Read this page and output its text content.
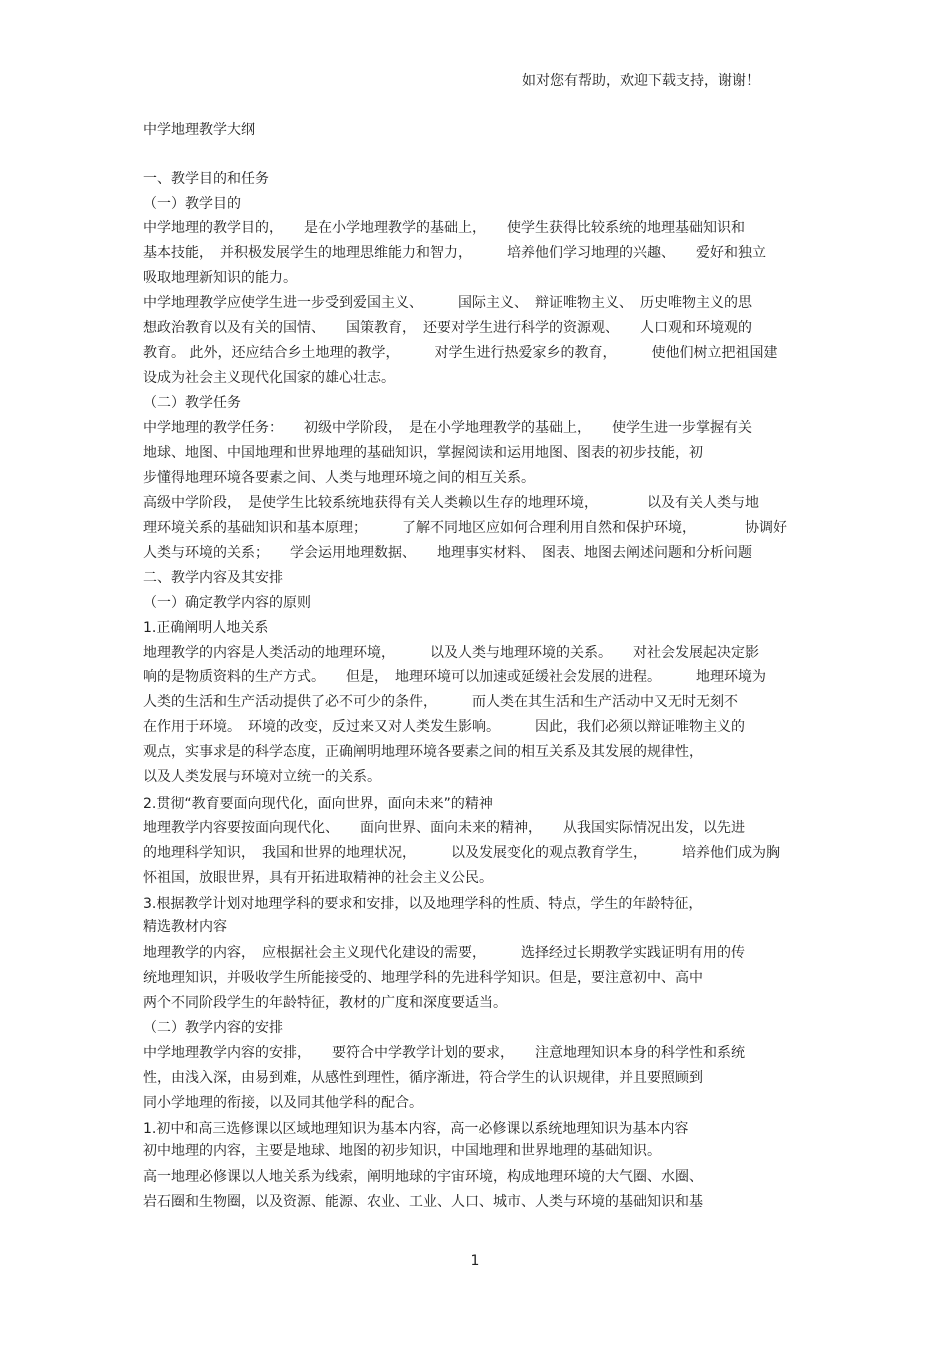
如对您有帮助，欢迎下载支持，谢谢！
中学地理教学大纲
一、教学目的和任务
（一）教学目的
中学地理的教学目的，　　是在小学地理教学的基础上，　　使学生获得比较系统的地理基础知识和
基本技能，　并积极发展学生的地理思维能力和智力，　　　培养他们学习地理的兴趣、　　爱好和独立
吸取地理新知识的能力。
中学地理教学应使学生进一步受到爱国主义、　　　国际主义、　辩证唯物主义、　历史唯物主义的思
想政治教育以及有关的国情、　　国策教育，　还要对学生进行科学的资源观、　　人口观和环境观的
教育。 此外，还应结合乡土地理的教学，　　　对学生进行热爱家乡的教育，　　　使他们树立把祖国建
设成为社会主义现代化国家的雄心壮志。
（二）教学任务
中学地理的教学任务：　　初级中学阶段，　是在小学地理教学的基础上，　　使学生进一步掌握有关
地球、地图、中国地理和世界地理的基础知识，掌握阅读和运用地图、图表的初步技能，初
步懂得地理环境各要素之间、人类与地理环境之间的相互关系。
高级中学阶段，　是使学生比较系统地获得有关人类赖以生存的地理环境，　　　　以及有关人类与地
理环境关系的基础知识和基本原理；　　　了解不同地区应如何合理利用自然和保护环境，　　　　协调好
人类与环境的关系；　　学会运用地理数据、　　地理事实材料、　图表、地图去阐述问题和分析问题
二、教学内容及其安排
（一）确定教学内容的原则
1.正确阐明人地关系
地理教学的内容是人类活动的地理环境，　　　以及人类与地理环境的关系。　　对社会发展起决定影
响的是物质资料的生产方式。　　但是，　地理环境可以加速或延缓社会发展的进程。　　　地理环境为
人类的生活和生产活动提供了必不可少的条件，　　　而人类在其生活和生产活动中又无时无刻不
在作用于环境。　环境的改变，反过来又对人类发生影响。　　　因此，我们必须以辩证唯物主义的
观点，实事求是的科学态度，正确阐明地理环境各要素之间的相互关系及其发展的规律性，
以及人类发展与环境对立统一的关系。
2.贯彻“教育要面向现代化，面向世界，面向未来”的精神
地理教学内容要按面向现代化、　　面向世界、面向未来的精神，　　从我国实际情况出发，以先进
的地理科学知识，　我国和世界的地理状况，　　　以及发展变化的观点教育学生，　　　培养他们成为胸
怀祖国，放眼世界，具有开拓进取精神的社会主义公民。
3.根据教学计划对地理学科的要求和安排，以及地理学科的性质、特点，学生的年龄特征，
精选教材内容
地理教学的内容，　应根据社会主义现代化建设的需要，　　　选择经过长期教学实践证明有用的传
统地理知识，并吸收学生所能接受的、地理学科的先进科学知识。但是，要注意初中、高中
两个不同阶段学生的年龄特征，教材的广度和深度要适当。
（二）教学内容的安排
中学地理教学内容的安排，　　要符合中学教学计划的要求，　　注意地理知识本身的科学性和系统
性，由浅入深，由易到难，从感性到理性，循序渐进，符合学生的认识规律，并且要照顾到
同小学地理的衔接，以及同其他学科的配合。
1.初中和高三选修课以区域地理知识为基本内容，高一必修课以系统地理知识为基本内容
初中地理的内容，主要是地球、地图的初步知识，中国地理和世界地理的基础知识。
高一地理必修课以人地关系为线索，阐明地球的宇宙环境，构成地理环境的大气圈、水圈、
岩石圈和生物圈，以及资源、能源、农业、工业、人口、城市、人类与环境的基础知识和基
1
